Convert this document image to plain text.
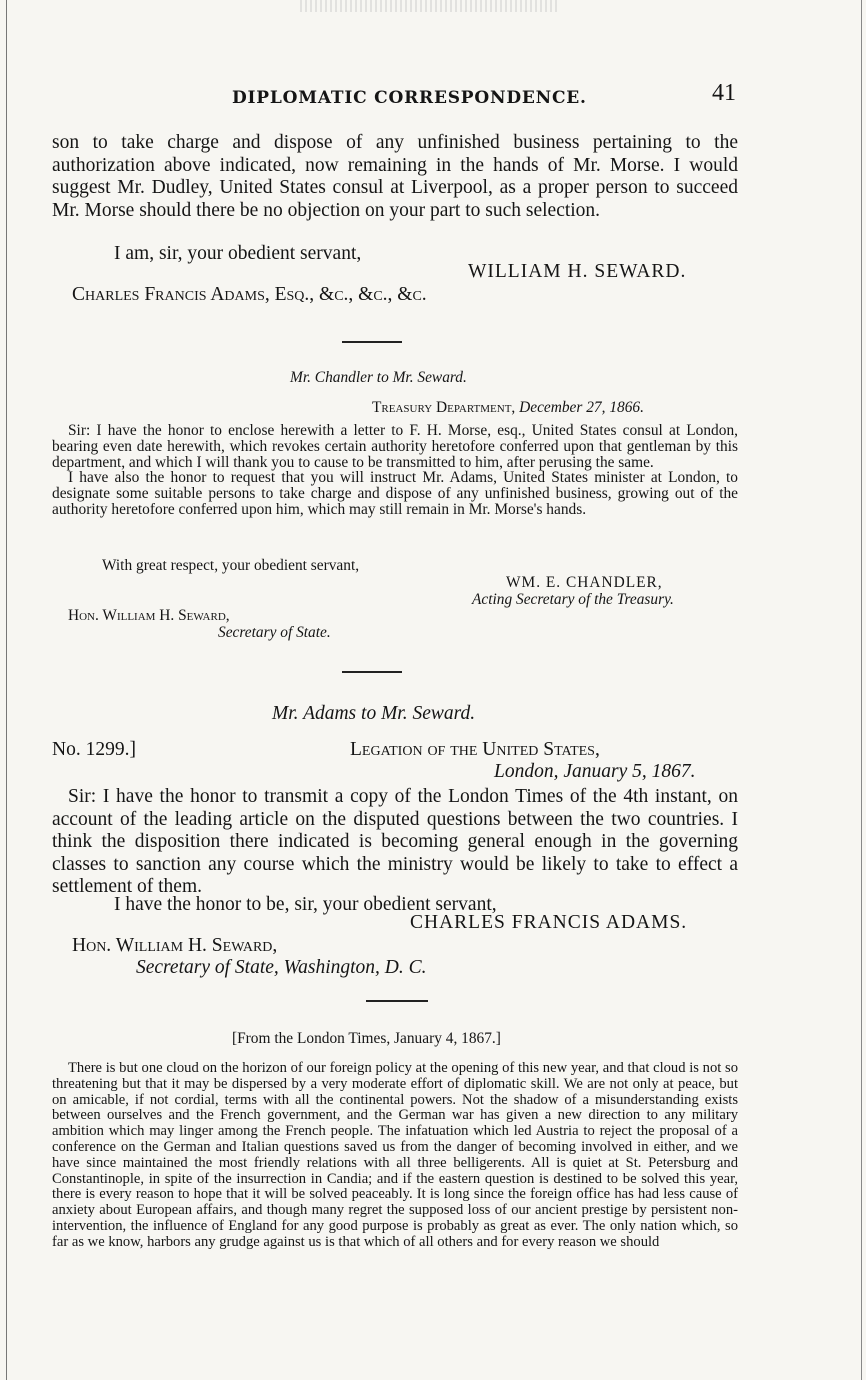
DIPLOMATIC CORRESPONDENCE.	41

son to take charge and dispose of any unfinished business pertaining to the authorization above indicated, now remaining in the hands of Mr. Morse. I would suggest Mr. Dudley, United States consul at Liverpool, as a proper person to succeed Mr. Morse should there be no objection on your part to such selection.

I am, sir, your obedient servant,
WILLIAM H. SEWARD.
Charles Francis Adams, Esq., &c., &c., &c.
Mr. Chandler to Mr. Seward.
Treasury Department, December 27, 1866.

Sir: I have the honor to enclose herewith a letter to F. H. Morse, esq., United States consul at London, bearing even date herewith, which revokes certain authority heretofore conferred upon that gentleman by this department, and which I will thank you to cause to be transmitted to him, after perusing the same.

I have also the honor to request that you will instruct Mr. Adams, United States minister at London, to designate some suitable persons to take charge and dispose of any unfinished business, growing out of the authority heretofore conferred upon him, which may still remain in Mr. Morse's hands.

With great respect, your obedient servant,
WM. E. CHANDLER,
Acting Secretary of the Treasury.
Hon. William H. Seward,
Secretary of State.
Mr. Adams to Mr. Seward.
No. 1299.]	Legation of the United States,
London, January 5, 1867.

Sir: I have the honor to transmit a copy of the London Times of the 4th instant, on account of the leading article on the disputed questions between the two countries. I think the disposition there indicated is becoming general enough in the governing classes to sanction any course which the ministry would be likely to take to effect a settlement of them.

I have the honor to be, sir, your obedient servant,
CHARLES FRANCIS ADAMS.
Hon. William H. Seward,
Secretary of State, Washington, D. C.
[From the London Times, January 4, 1867.]

There is but one cloud on the horizon of our foreign policy at the opening of this new year, and that cloud is not so threatening but that it may be dispersed by a very moderate effort of diplomatic skill. We are not only at peace, but on amicable, if not cordial, terms with all the continental powers. Not the shadow of a misunderstanding exists between ourselves and the French government, and the German war has given a new direction to any military ambition which may linger among the French people. The infatuation which led Austria to reject the proposal of a conference on the German and Italian questions saved us from the danger of becoming involved in either, and we have since maintained the most friendly relations with all three belligerents. All is quiet at St. Petersburg and Constantinople, in spite of the insurrection in Candia; and if the eastern question is destined to be solved this year, there is every reason to hope that it will be solved peaceably. It is long since the foreign office has had less cause of anxiety about European affairs, and though many regret the supposed loss of our ancient prestige by persistent non-intervention, the influence of England for any good purpose is probably as great as ever. The only nation which, so far as we know, harbors any grudge against us is that which of all others and for every reason we should
